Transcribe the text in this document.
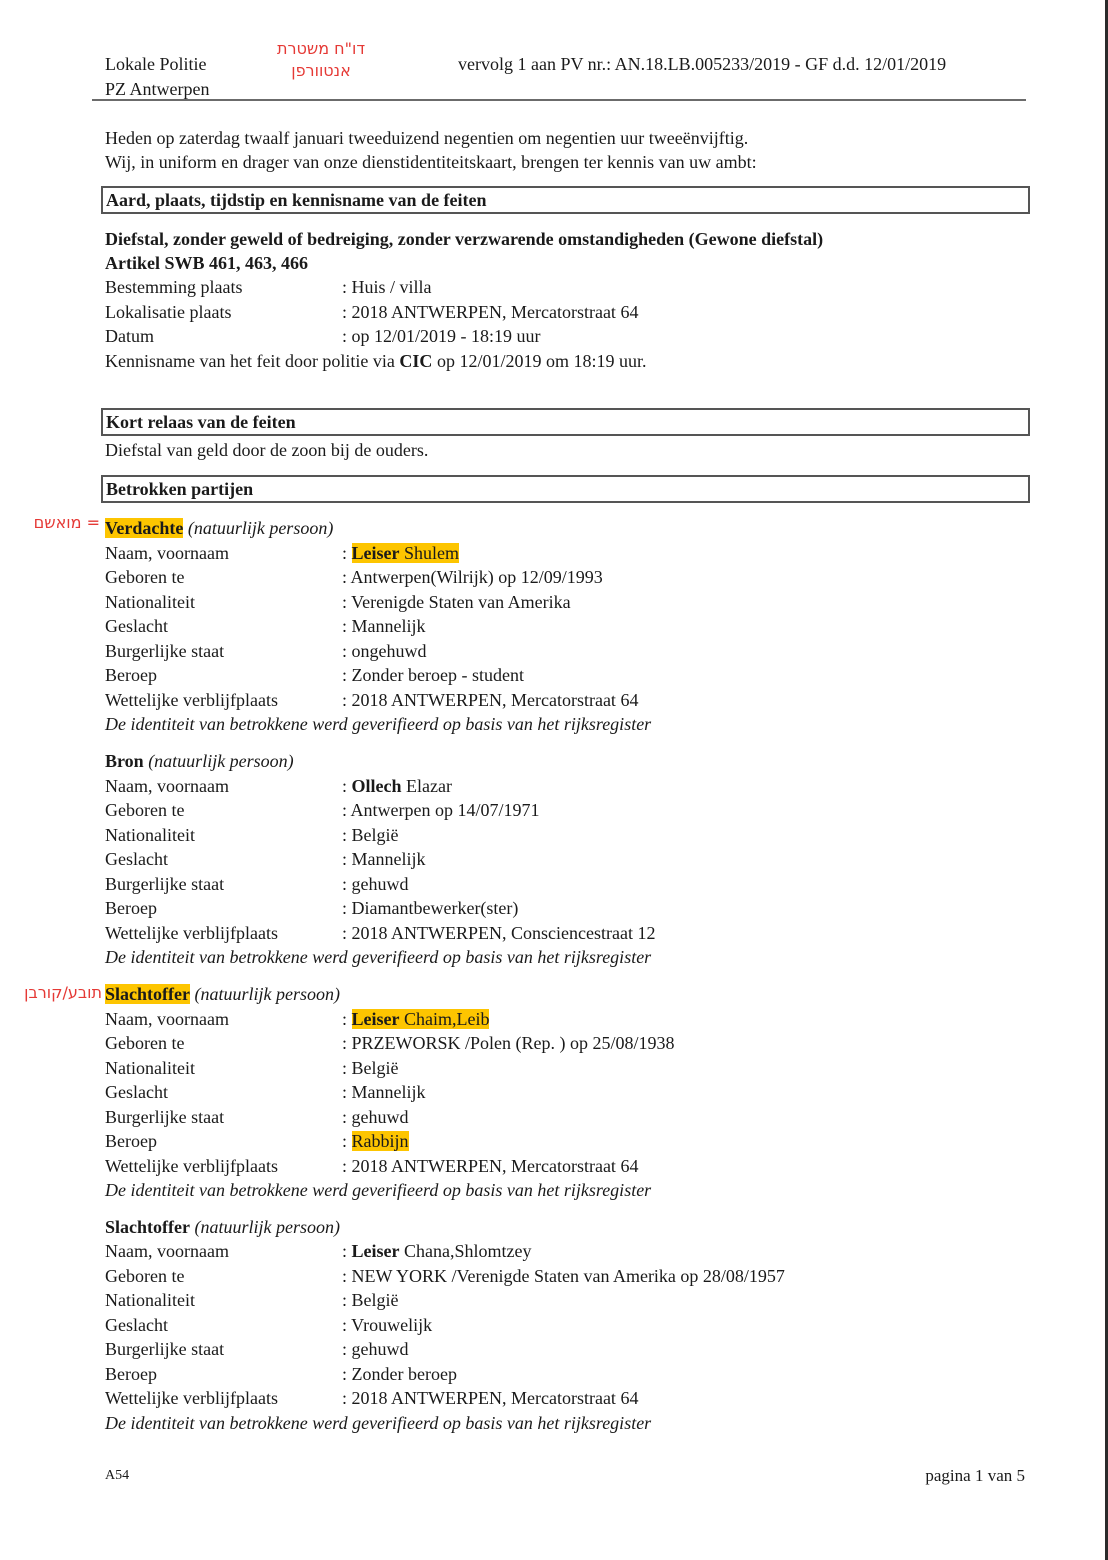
Lokale Politie
PZ Antwerpen
דו"ח משטרת
אנטוורפן	vervolg 1 aan PV nr.: AN.18.LB.005233/2019 - GF d.d. 12/01/2019
Heden op zaterdag twaalf januari tweeduizend negentien om negentien uur tweeënvijftig.
Wij, in uniform en drager van onze dienstidentiteitskaart, brengen ter kennis van uw ambt:
Aard, plaats, tijdstip en kennisname van de feiten
Diefstal, zonder geweld of bedreiging, zonder verzwarende omstandigheden (Gewone diefstal)
Artikel SWB 461, 463, 466
Bestemming plaats	: Huis / villa
Lokalisatie plaats	: 2018 ANTWERPEN, Mercatorstraat 64
Datum	: op 12/01/2019 - 18:19 uur
Kennisname van het feit door politie via CIC op 12/01/2019 om 18:19 uur.
Kort relaas van de feiten
Diefstal van geld door de zoon bij de ouders.
Betrokken partijen
= מואשם Verdachte (natuurlijk persoon)
Naam, voornaam	: Leiser Shulem
Geboren te	: Antwerpen(Wilrijk) op 12/09/1993
Nationaliteit	: Verenigde Staten van Amerika
Geslacht	: Mannelijk
Burgerlijke staat	: ongehuwd
Beroep	: Zonder beroep - student
Wettelijke verblijfplaats	: 2018 ANTWERPEN, Mercatorstraat 64
De identiteit van betrokkene werd geverifieerd op basis van het rijksregister
Bron (natuurlijk persoon)
Naam, voornaam	: Ollech Elazar
Geboren te	: Antwerpen op 14/07/1971
Nationaliteit	: België
Geslacht	: Mannelijk
Burgerlijke staat	: gehuwd
Beroep	: Diamantbewerker(ster)
Wettelijke verblijfplaats	: 2018 ANTWERPEN, Consciencestraat 12
De identiteit van betrokkene werd geverifieerd op basis van het rijksregister
תובע/קורבן Slachtoffer (natuurlijk persoon)
Naam, voornaam	: Leiser Chaim,Leib
Geboren te	: PRZEWORSK /Polen (Rep. ) op 25/08/1938
Nationaliteit	: België
Geslacht	: Mannelijk
Burgerlijke staat	: gehuwd
Beroep	: Rabbijn
Wettelijke verblijfplaats	: 2018 ANTWERPEN, Mercatorstraat 64
De identiteit van betrokkene werd geverifieerd op basis van het rijksregister
Slachtoffer (natuurlijk persoon)
Naam, voornaam	: Leiser Chana,Shlomtzey
Geboren te	: NEW YORK /Verenigde Staten van Amerika op 28/08/1957
Nationaliteit	: België
Geslacht	: Vrouwelijk
Burgerlijke staat	: gehuwd
Beroep	: Zonder beroep
Wettelijke verblijfplaats	: 2018 ANTWERPEN, Mercatorstraat 64
De identiteit van betrokkene werd geverifieerd op basis van het rijksregister
A54	pagina 1 van 5
